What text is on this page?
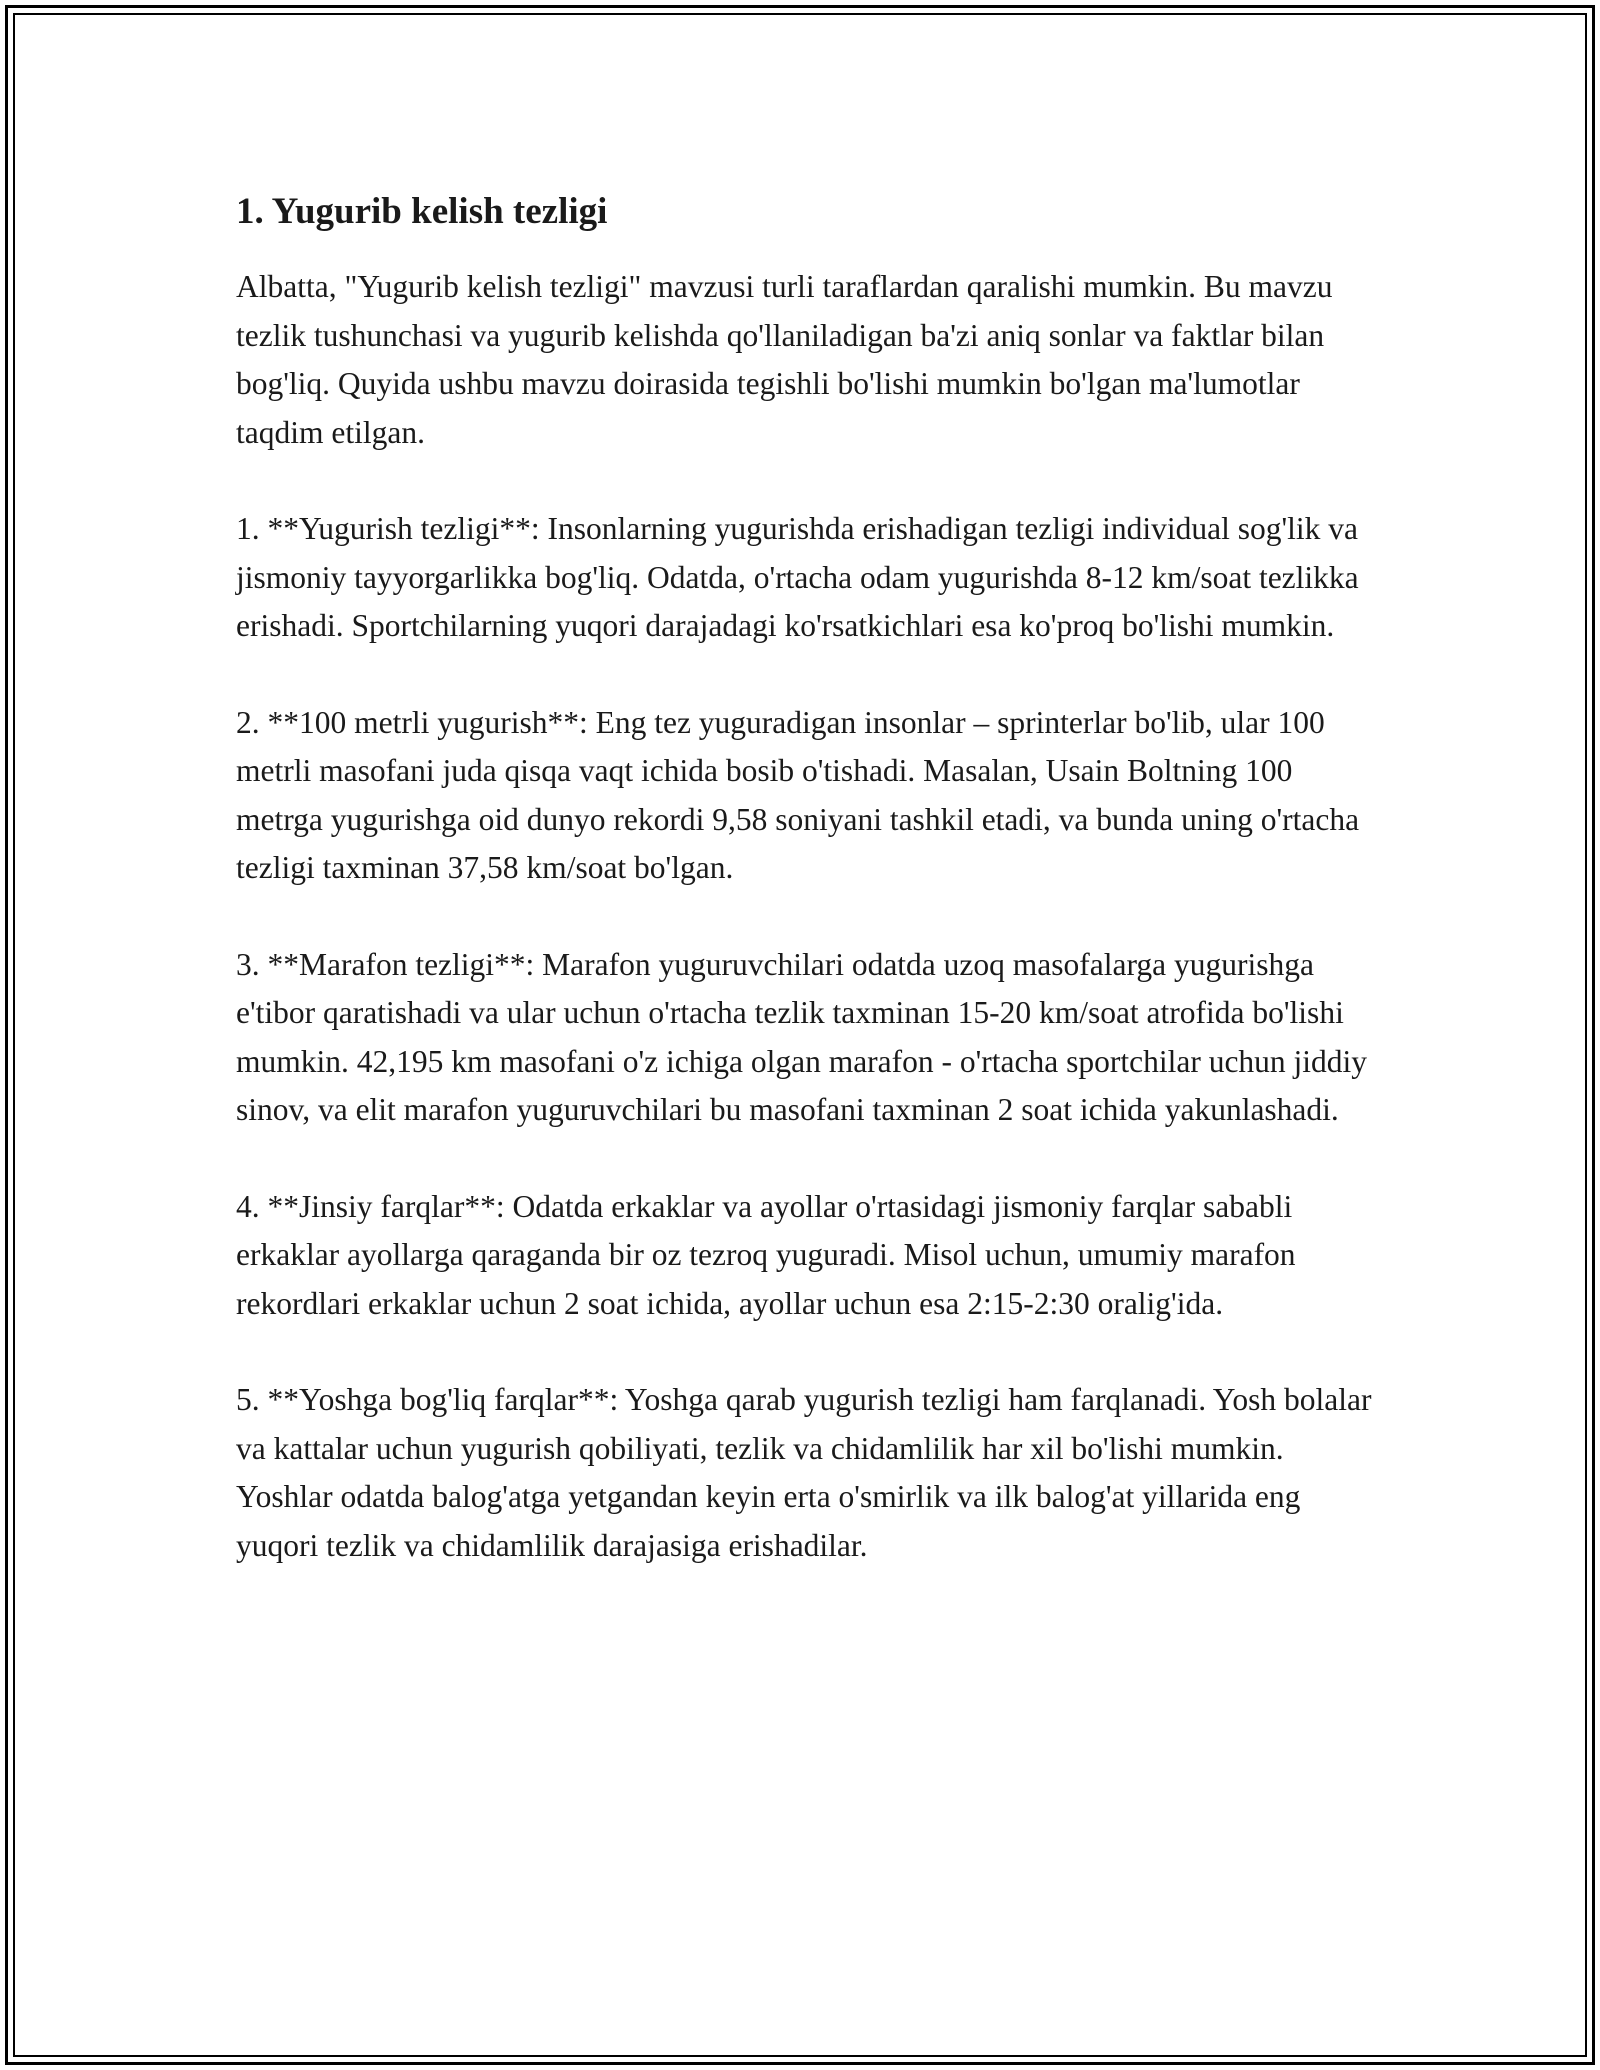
1. Yugurib kelish tezligi

Albatta, "Yugurib kelish tezligi" mavzusi turli taraflardan qaralishi mumkin. Bu mavzu tezlik tushunchasi va yugurib kelishda qo'llaniladigan ba'zi aniq sonlar va faktlar bilan bog'liq. Quyida ushbu mavzu doirasida tegishli bo'lishi mumkin bo'lgan ma'lumotlar taqdim etilgan.

1. **Yugurish tezligi**: Insonlarning yugurishda erishadigan tezligi individual sog'lik va jismoniy tayyorgarlikka bog'liq. Odatda, o'rtacha odam yugurishda 8-12 km/soat tezlikka erishadi. Sportchilarning yuqori darajadagi ko'rsatkichlari esa ko'proq bo'lishi mumkin.

2. **100 metrli yugurish**: Eng tez yuguradigan insonlar – sprinterlar bo'lib, ular 100 metrli masofani juda qisqa vaqt ichida bosib o'tishadi. Masalan, Usain Boltning 100 metrga yugurishga oid dunyo rekordi 9,58 soniyani tashkil etadi, va bunda uning o'rtacha tezligi taxminan 37,58 km/soat bo'lgan.

3. **Marafon tezligi**: Marafon yuguruvchilari odatda uzoq masofalarga yugurishga e'tibor qaratishadi va ular uchun o'rtacha tezlik taxminan 15-20 km/soat atrofida bo'lishi mumkin. 42,195 km masofani o'z ichiga olgan marafon - o'rtacha sportchilar uchun jiddiy sinov, va elit marafon yuguruvchilari bu masofani taxminan 2 soat ichida yakunlashadi.

4. **Jinsiy farqlar**: Odatda erkaklar va ayollar o'rtasidagi jismoniy farqlar sababli erkaklar ayollarga qaraganda bir oz tezroq yuguradi. Misol uchun, umumiy marafon rekordlari erkaklar uchun 2 soat ichida, ayollar uchun esa 2:15-2:30 oralig'ida.

5. **Yoshga bog'liq farqlar**: Yoshga qarab yugurish tezligi ham farqlanadi. Yosh bolalar va kattalar uchun yugurish qobiliyati, tezlik va chidamlilik har xil bo'lishi mumkin. Yoshlar odatda balog'atga yetgandan keyin erta o'smirlik va ilk balog'at yillarida eng yuqori tezlik va chidamlilik darajasiga erishadilar.
